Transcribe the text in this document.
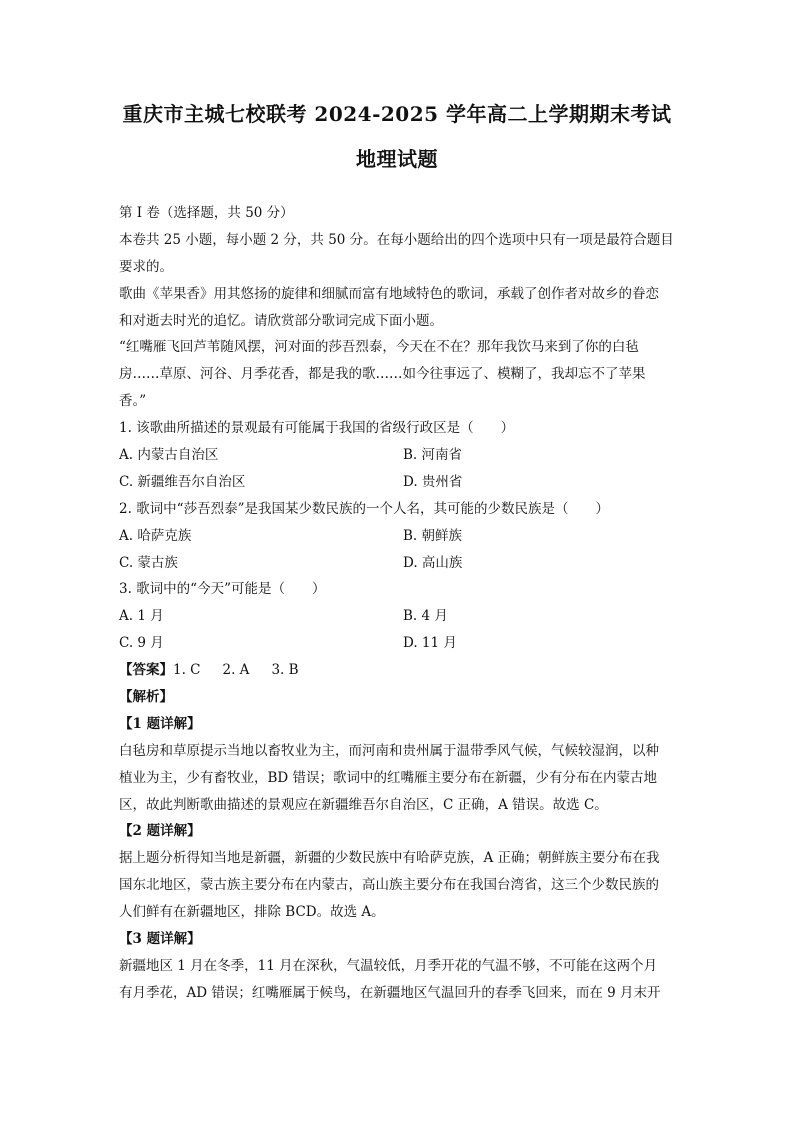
重庆市主城七校联考 2024-2025 学年高二上学期期末考试
地理试题
第 I 卷（选择题，共 50 分）
本卷共 25 小题，每小题 2 分，共 50 分。在每小题给出的四个选项中只有一项是最符合题目
要求的。
歌曲《苹果香》用其悠扬的旋律和细腻而富有地域特色的歌词，承载了创作者对故乡的眷恋
和对逝去时光的追忆。请欣赏部分歌词完成下面小题。
“红嘴雁飞回芦苇随风摆，河对面的莎吾烈泰，今天在不在？那年我饮马来到了你的白毡
房……草原、河谷、月季花香，都是我的歌……如今往事远了、模糊了，我却忘不了苹果
香。”
1. 该歌曲所描述的景观最有可能属于我国的省级行政区是（　　）
A. 内蒙古自治区	B. 河南省
C. 新疆维吾尔自治区	D. 贵州省
2. 歌词中“莎吾烈泰”是我国某少数民族的一个人名，其可能的少数民族是（　　）
A. 哈萨克族	B. 朝鲜族
C. 蒙古族	D. 高山族
3. 歌词中的“今天”可能是（　　）
A. 1 月	B. 4 月
C. 9 月	D. 11 月
【答案】1. C 2. A 3. B
【解析】
【1 题详解】
白毡房和草原提示当地以畜牧业为主，而河南和贵州属于温带季风气候，气候较湿润，以种
植业为主，少有畜牧业，BD 错误；歌词中的红嘴雁主要分布在新疆，少有分布在内蒙古地
区，故此判断歌曲描述的景观应在新疆维吾尔自治区，C 正确，A 错误。故选 C。
【2 题详解】
据上题分析得知当地是新疆，新疆的少数民族中有哈萨克族，A 正确；朝鲜族主要分布在我
国东北地区，蒙古族主要分布在内蒙古，高山族主要分布在我国台湾省，这三个少数民族的
人们鲜有在新疆地区，排除 BCD。故选 A。
【3 题详解】
新疆地区 1 月在冬季，11 月在深秋，气温较低，月季开花的气温不够，不可能在这两个月
有月季花，AD 错误；红嘴雁属于候鸟，在新疆地区气温回升的春季飞回来，而在 9 月末开
